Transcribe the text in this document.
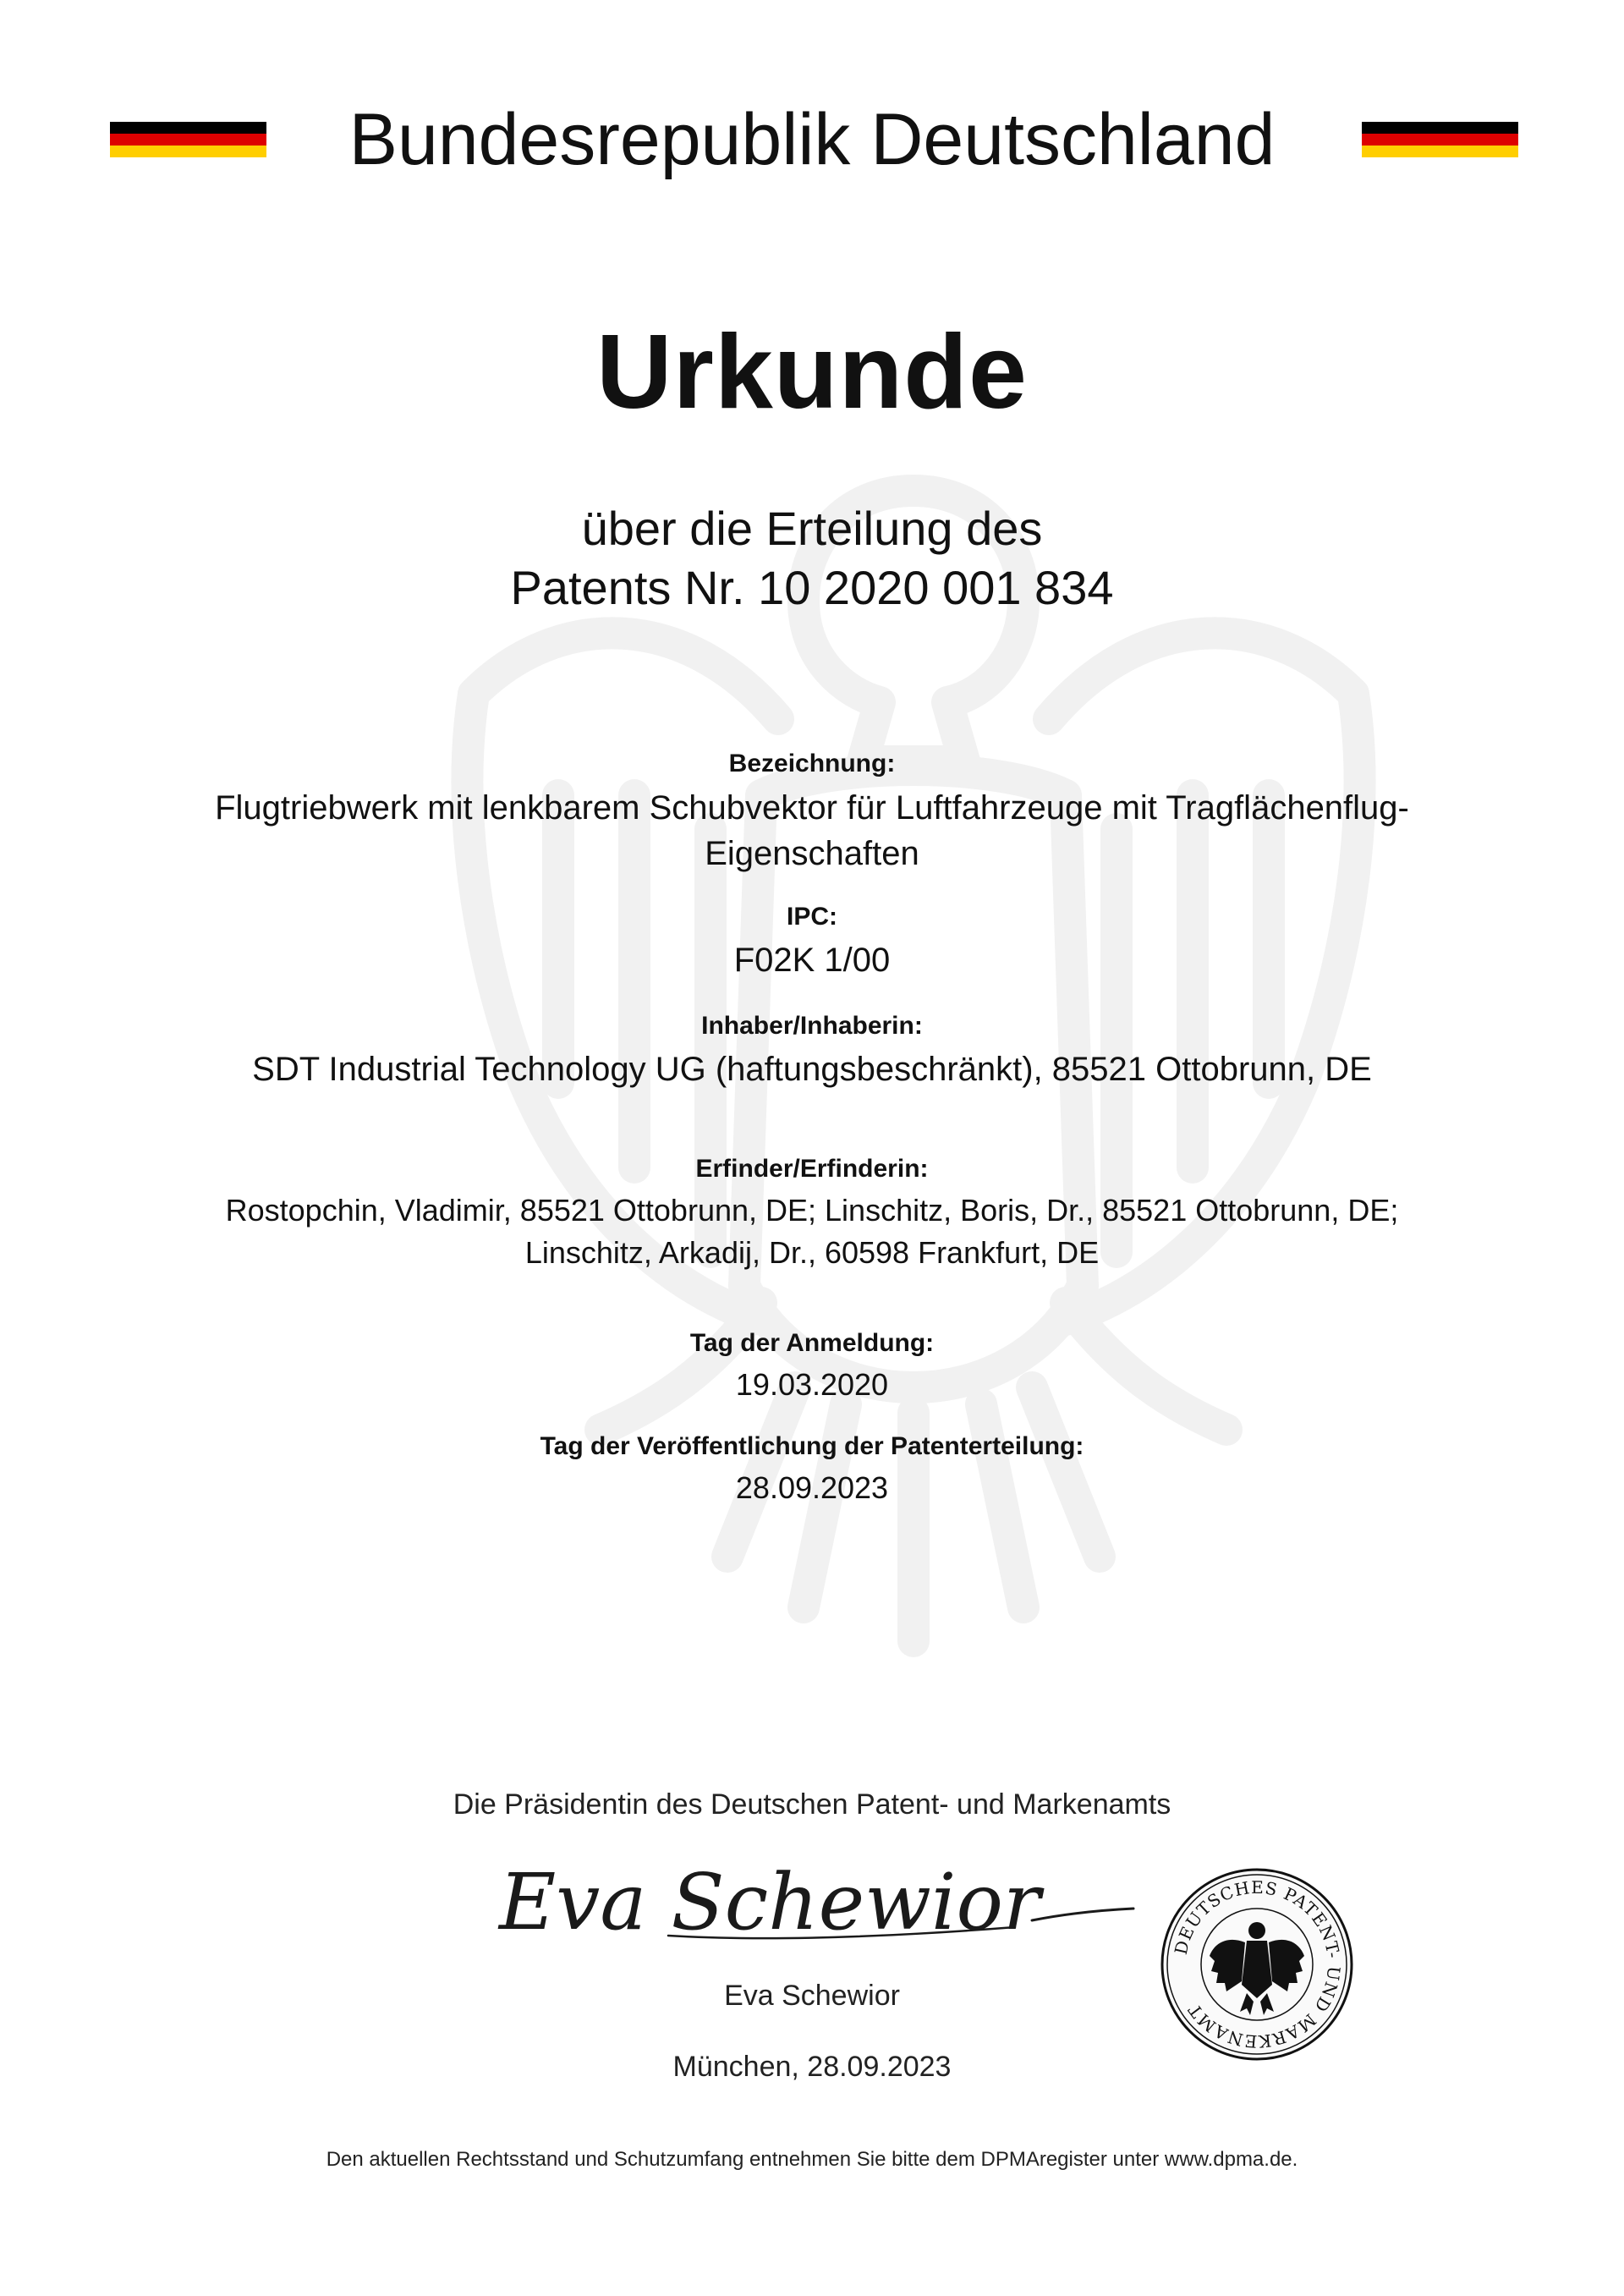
Bundesrepublik Deutschland
Urkunde
über die Erteilung des
Patents Nr. 10 2020 001 834
Bezeichnung:
Flugtriebwerk mit lenkbarem Schubvektor für Luftfahrzeuge mit Tragflächenflug-
Eigenschaften
IPC:
F02K 1/00
Inhaber/Inhaberin:
SDT Industrial Technology UG (haftungsbeschränkt), 85521 Ottobrunn, DE
Erfinder/Erfinderin:
Rostopchin, Vladimir, 85521 Ottobrunn, DE; Linschitz, Boris, Dr., 85521 Ottobrunn, DE;
Linschitz, Arkadij, Dr., 60598 Frankfurt, DE
Tag der Anmeldung:
19.03.2020
Tag der Veröffentlichung der Patenterteilung:
28.09.2023
Die Präsidentin des Deutschen Patent- und Markenamts
Eva Schewior
Eva Schewior
München, 28.09.2023
DEUTSCHES PATENT- UND MARKENAMT
Den aktuellen Rechtsstand und Schutzumfang entnehmen Sie bitte dem DPMAregister unter www.dpma.de.
